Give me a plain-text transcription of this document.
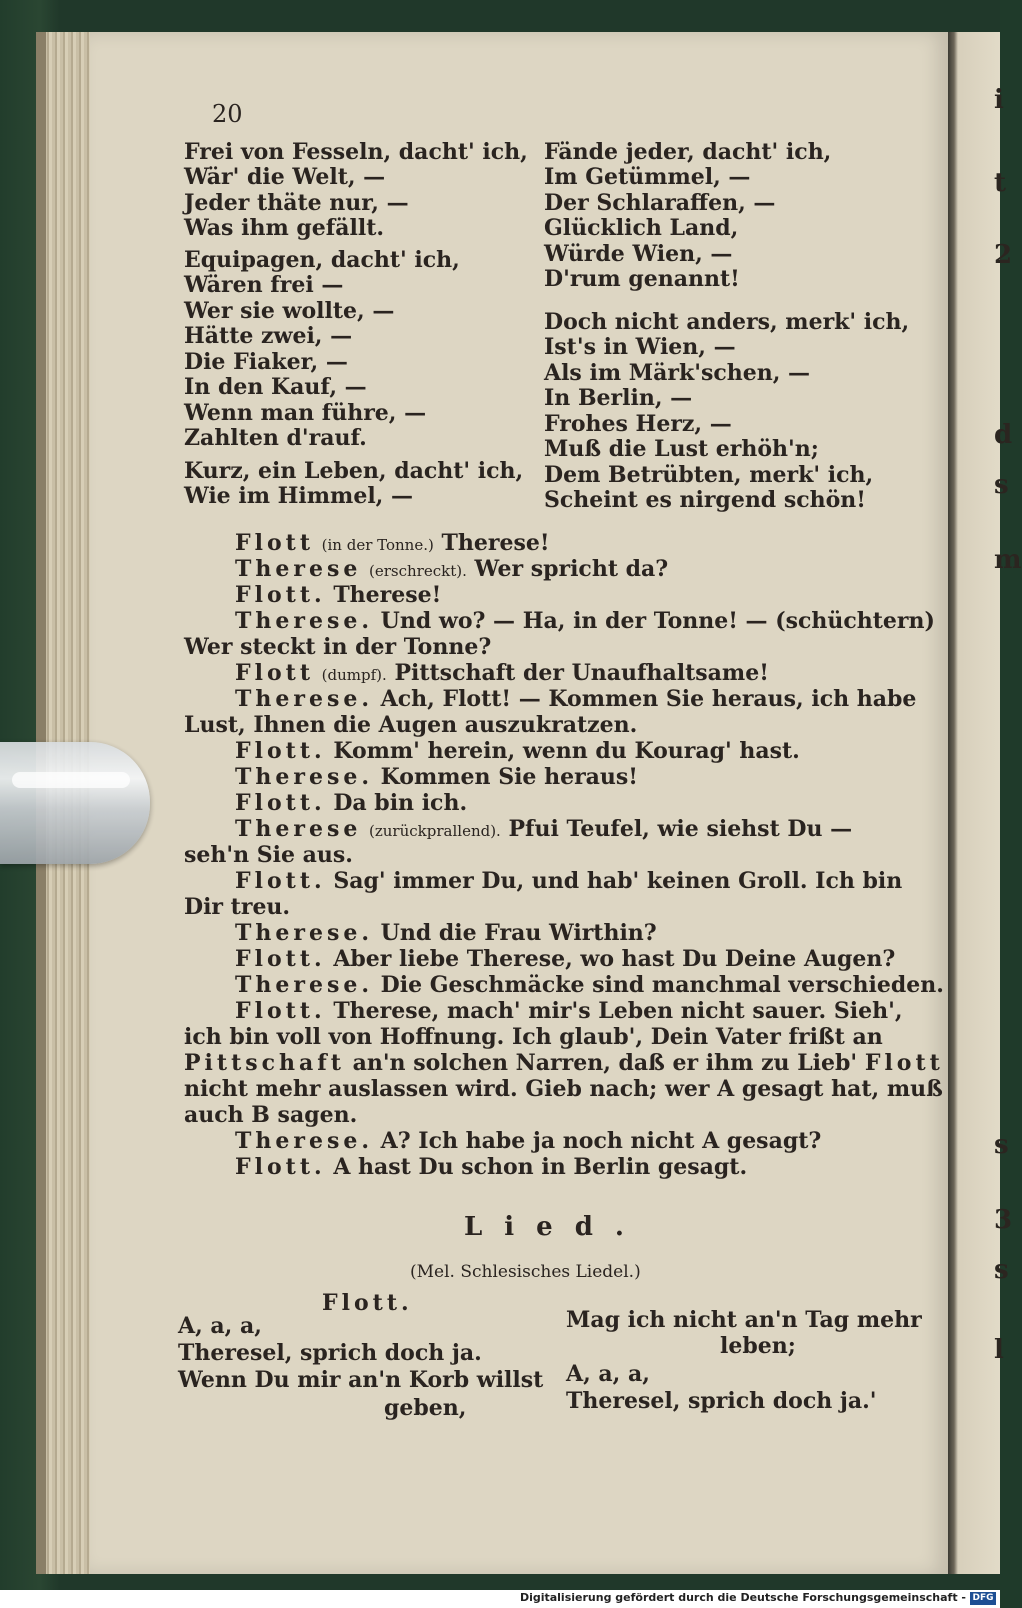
i
t
2
d
s
m
s
3
s
l
20
Frei von Fesseln, dacht' ich,
Wär' die Welt, —
Jeder thäte nur, —
Was ihm gefällt.
Equipagen, dacht' ich,
Wären frei —
Wer sie wollte, —
Hätte zwei, —
Die Fiaker, —
In den Kauf, —
Wenn man führe, —
Zahlten d'rauf.
Kurz, ein Leben, dacht' ich,
Wie im Himmel, —
Fände jeder, dacht' ich,
Im Getümmel, —
Der Schlaraffen, —
Glücklich Land,
Würde Wien, —
D'rum genannt!
Doch nicht anders, merk' ich,
Ist's in Wien, —
Als im Märk'schen, —
In Berlin, —
Frohes Herz, —
Muß die Lust erhöh'n;
Dem Betrübten, merk' ich,
Scheint es nirgend schön!
Flott (in der Tonne.) Therese!
Therese (erschreckt). Wer spricht da?
Flott. Therese!
Therese. Und wo? — Ha, in der Tonne! — (schüchtern)
Wer steckt in der Tonne?
Flott (dumpf). Pittschaft der Unaufhaltsame!
Therese. Ach, Flott! — Kommen Sie heraus, ich habe
Lust, Ihnen die Augen auszukratzen.
Flott. Komm' herein, wenn du Kourag' hast.
Therese. Kommen Sie heraus!
Flott. Da bin ich.
Therese (zurückprallend). Pfui Teufel, wie siehst Du —
seh'n Sie aus.
Flott. Sag' immer Du, und hab' keinen Groll. Ich bin
Dir treu.
Therese. Und die Frau Wirthin?
Flott. Aber liebe Therese, wo hast Du Deine Augen?
Therese. Die Geschmäcke sind manchmal verschieden.
Flott. Therese, mach' mir's Leben nicht sauer. Sieh',
ich bin voll von Hoffnung. Ich glaub', Dein Vater frißt an
Pittschaft an'n solchen Narren, daß er ihm zu Lieb' Flott
nicht mehr auslassen wird. Gieb nach; wer A gesagt hat, muß
auch B sagen.
Therese. A? Ich habe ja noch nicht A gesagt?
Flott. A hast Du schon in Berlin gesagt.
Lied.
(Mel. Schlesisches Liedel.)
Flott.
A, a, a,
Theresel, sprich doch ja.
Wenn Du mir an'n Korb willst
geben,
Mag ich nicht an'n Tag mehr
leben;
A, a, a,
Theresel, sprich doch ja.'
Digitalisierung gefördert durch die Deutsche Forschungsgemeinschaft - DFG
